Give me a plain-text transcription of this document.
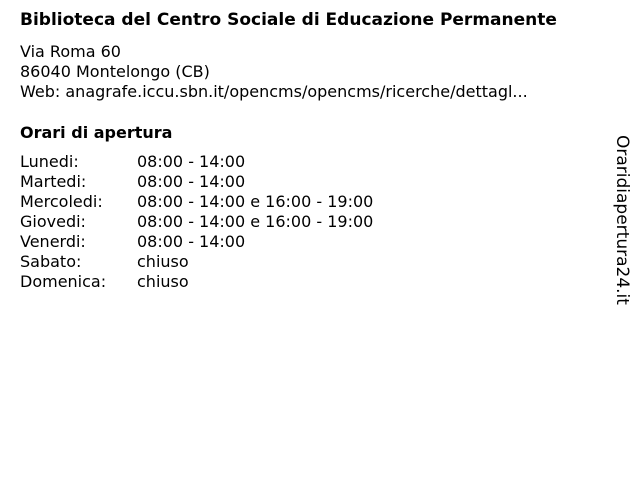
Biblioteca del Centro Sociale di Educazione Permanente
Via Roma 60
86040 Montelongo (CB)
Web: anagrafe.iccu.sbn.it/opencms/opencms/ricerche/dettagl...
Orari di apertura
Lunedi:	08:00 - 14:00
Martedi:	08:00 - 14:00
Mercoledi:	08:00 - 14:00 e 16:00 - 19:00
Giovedi:	08:00 - 14:00 e 16:00 - 19:00
Venerdi:	08:00 - 14:00
Sabato:	chiuso
Domenica:	chiuso	Oraridiapertura24.it
